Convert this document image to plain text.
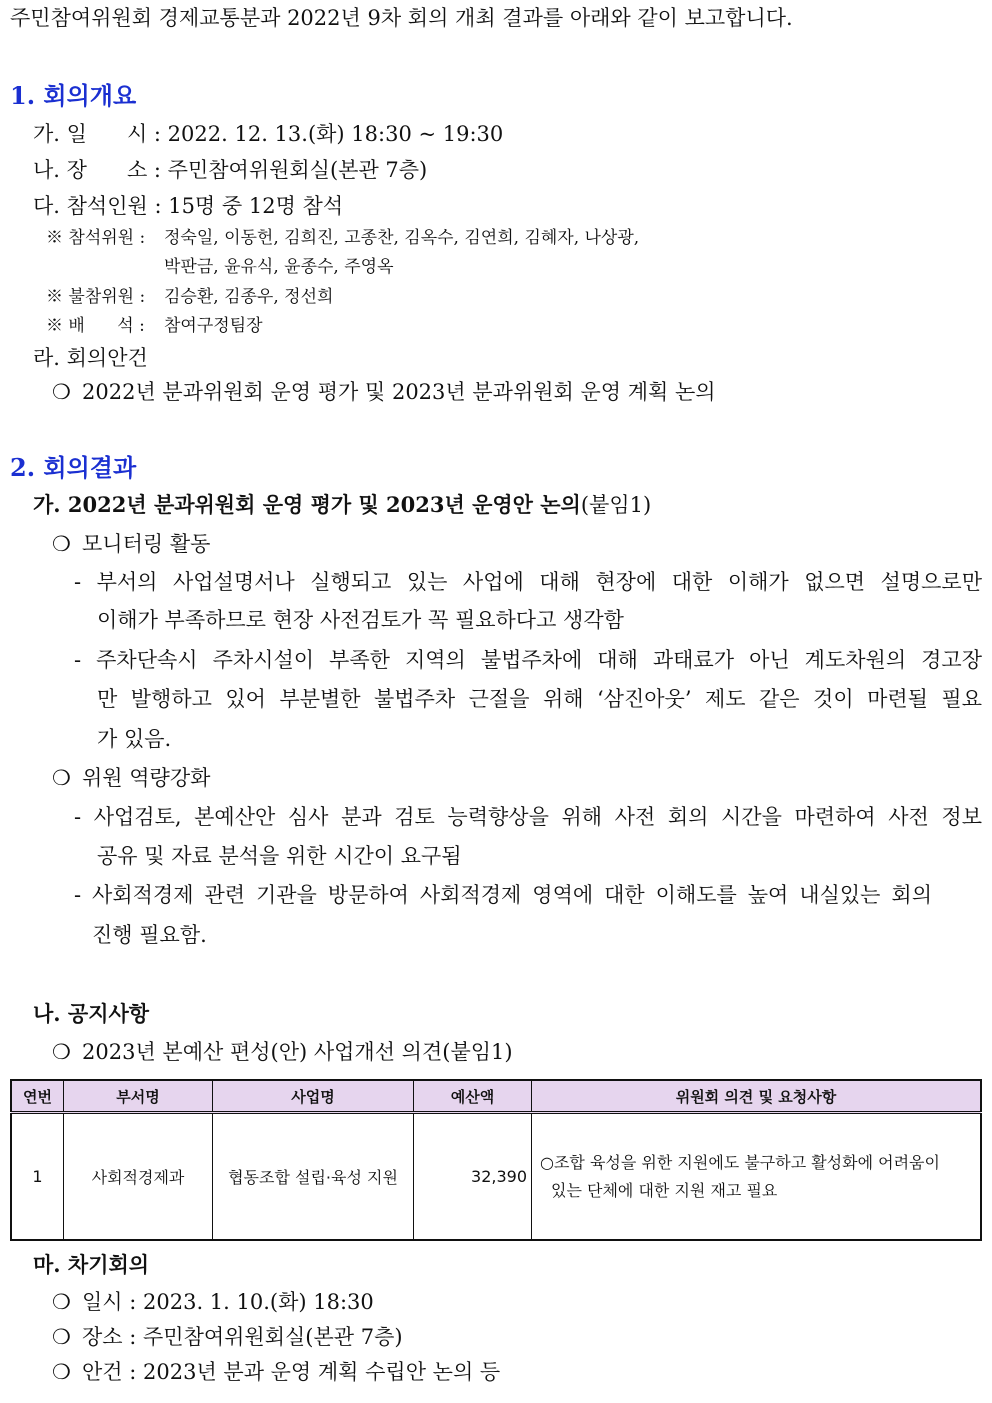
주민참여위원회 경제교통분과 2022년 9차 회의 개최 결과를 아래와 같이 보고합니다.
1. 회의개요
가. 일      시 : 2022. 12. 13.(화) 18:30 ~ 19:30
나. 장      소 : 주민참여위원회실(본관 7층)
다. 참석인원 : 15명 중 12명 참석
※ 참석위원 : 정숙일, 이동헌, 김희진, 고종찬, 김옥수, 김연희, 김혜자, 나상광,
박판금, 윤유식, 윤종수, 주영옥
※ 불참위원 : 김승환, 김종우, 정선희
※ 배      석 : 참여구정팀장
라. 회의안건
❍ 2022년 분과위원회 운영 평가 및 2023년 분과위원회 운영 계획 논의
2. 회의결과
가. 2022년 분과위원회 운영 평가 및 2023년 운영안 논의(붙임1)
❍ 모니터링 활동
- 부서의 사업설명서나 실행되고 있는 사업에 대해 현장에 대한 이해가 없으면 설명으로만
이해가 부족하므로 현장 사전검토가 꼭 필요하다고 생각함
- 주차단속시 주차시설이 부족한 지역의 불법주차에 대해 과태료가 아닌 계도차원의 경고장
만 발행하고 있어 부분별한 불법주차 근절을 위해 ‘삼진아웃’ 제도 같은 것이 마련될 필요
가 있음.
❍ 위원 역량강화
- 사업검토, 본예산안 심사 분과 검토 능력향상을 위해 사전 회의 시간을 마련하여 사전 정보
공유 및 자료 분석을 위한 시간이 요구됨
- 사회적경제 관련 기관을 방문하여 사회적경제 영역에 대한 이해도를 높여 내실있는 회의
진행 필요함.
나. 공지사항
❍ 2023년 본예산 편성(안) 사업개선 의견(붙임1)
연번	부서명	사업명	예산액	위원회 의견 및 요청사항
1	사회적경제과	협동조합 설립·육성 지원	32,390	○조합 육성을 위한 지원에도 불구하고 활성화에 어려움이
있는 단체에 대한 지원 재고 필요
마. 차기회의
❍ 일시 : 2023. 1. 10.(화) 18:30
❍ 장소 : 주민참여위원회실(본관 7층)
❍ 안건 : 2023년 분과 운영 계획 수립안 논의 등
